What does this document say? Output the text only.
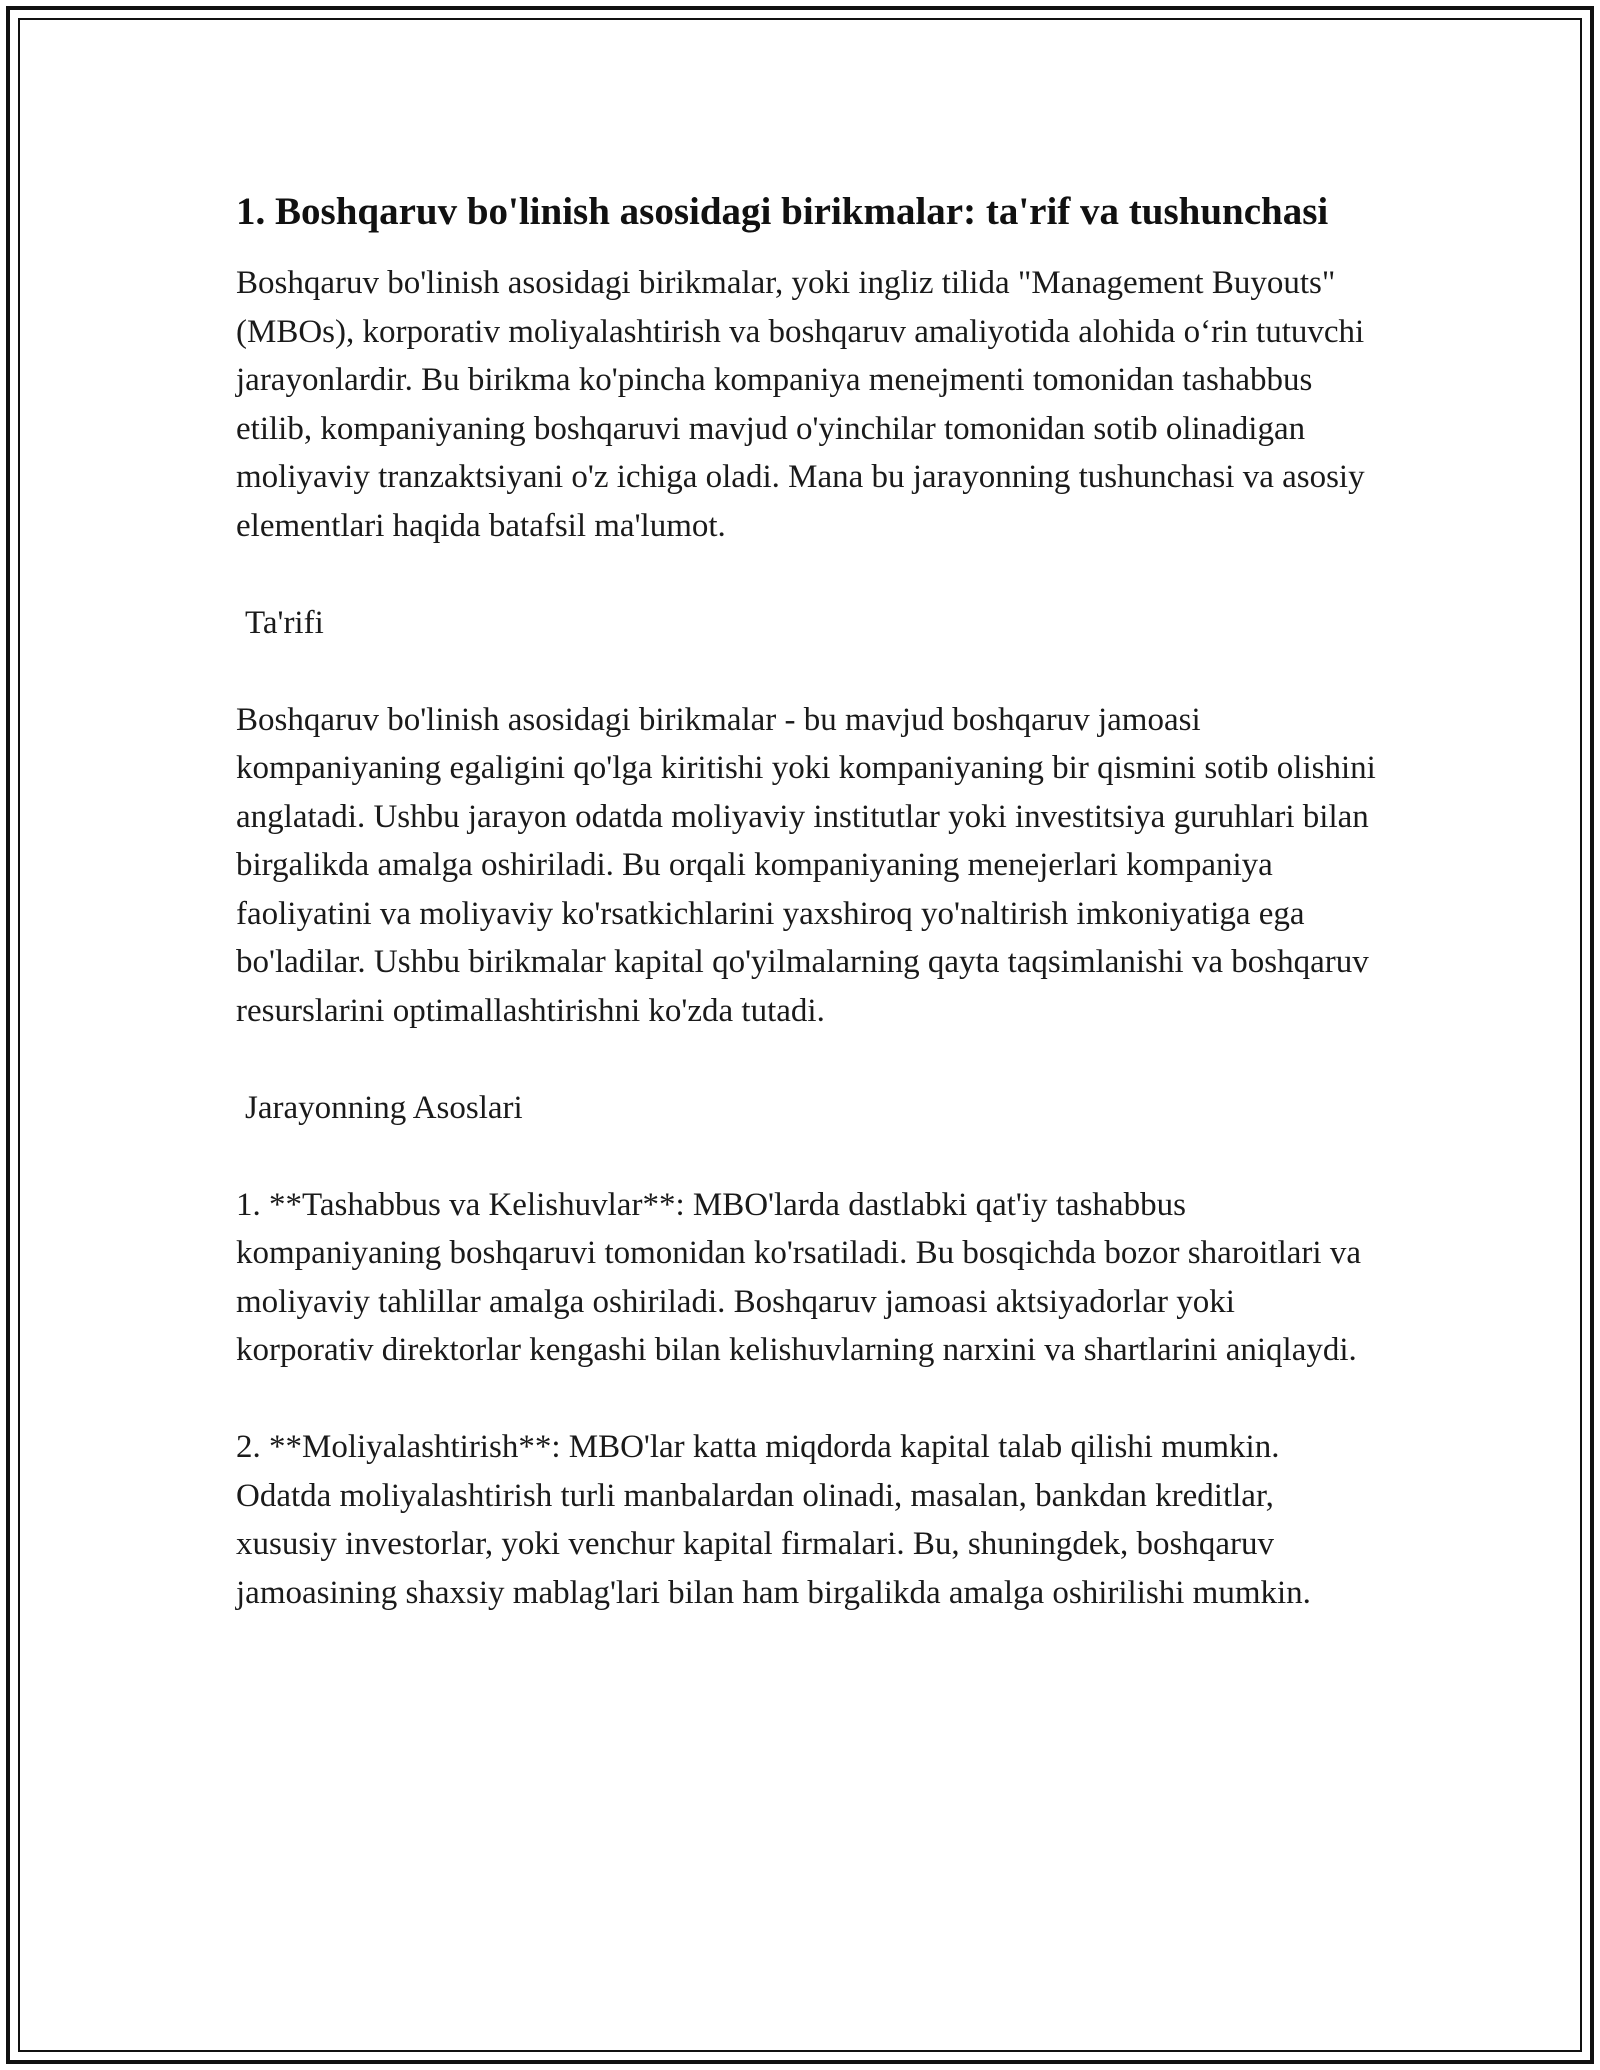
1. Boshqaruv bo'linish asosidagi birikmalar: ta'rif va tushunchasi

Boshqaruv bo'linish asosidagi birikmalar, yoki ingliz tilida "Management Buyouts" (MBOs), korporativ moliyalashtirish va boshqaruv amaliyotida alohida o‘rin tutuvchi jarayonlardir. Bu birikma ko'pincha kompaniya menejmenti tomonidan tashabbus etilib, kompaniyaning boshqaruvi mavjud o'yinchilar tomonidan sotib olinadigan moliyaviy tranzaktsiyani o'z ichiga oladi. Mana bu jarayonning tushunchasi va asosiy elementlari haqida batafsil ma'lumot.

Ta'rifi

Boshqaruv bo'linish asosidagi birikmalar - bu mavjud boshqaruv jamoasi kompaniyaning egaligini qo'lga kiritishi yoki kompaniyaning bir qismini sotib olishini anglatadi. Ushbu jarayon odatda moliyaviy institutlar yoki investitsiya guruhlari bilan birgalikda amalga oshiriladi. Bu orqali kompaniyaning menejerlari kompaniya faoliyatini va moliyaviy ko'rsatkichlarini yaxshiroq yo'naltirish imkoniyatiga ega bo'ladilar. Ushbu birikmalar kapital qo'yilmalarning qayta taqsimlanishi va boshqaruv resurslarini optimallashtirishni ko'zda tutadi.

Jarayonning Asoslari

1. **Tashabbus va Kelishuvlar**: MBO'larda dastlabki qat'iy tashabbus kompaniyaning boshqaruvi tomonidan ko'rsatiladi. Bu bosqichda bozor sharoitlari va moliyaviy tahlillar amalga oshiriladi. Boshqaruv jamoasi aktsiyadorlar yoki korporativ direktorlar kengashi bilan kelishuvlarning narxini va shartlarini aniqlaydi.

2. **Moliyalashtirish**: MBO'lar katta miqdorda kapital talab qilishi mumkin. Odatda moliyalashtirish turli manbalardan olinadi, masalan, bankdan kreditlar, xususiy investorlar, yoki venchur kapital firmalari. Bu, shuningdek, boshqaruv jamoasining shaxsiy mablag'lari bilan ham birgalikda amalga oshirilishi mumkin.
